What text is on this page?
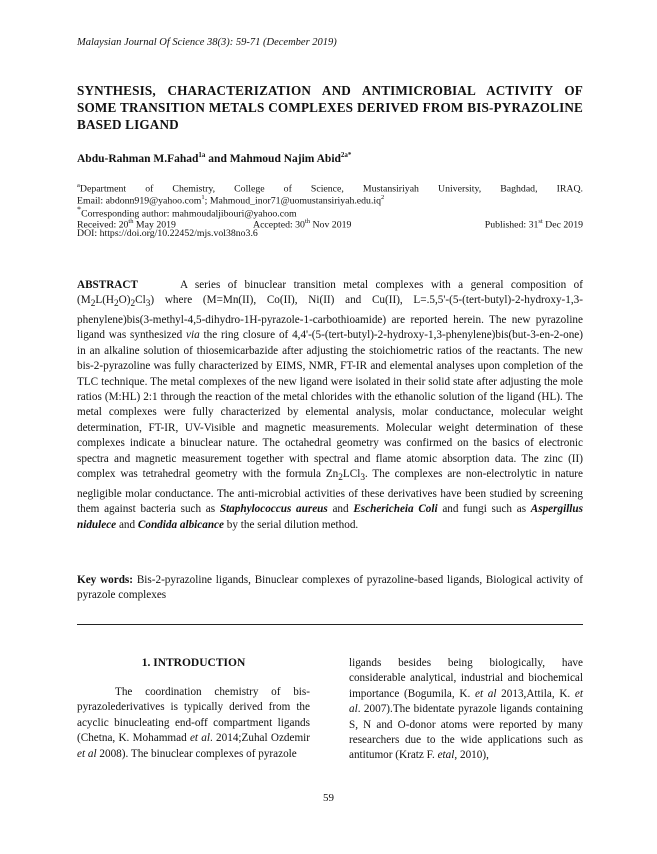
Malaysian Journal Of Science 38(3): 59-71 (December 2019)
SYNTHESIS, CHARACTERIZATION AND ANTIMICROBIAL ACTIVITY OF SOME TRANSITION METALS COMPLEXES DERIVED FROM BIS-PYRAZOLINE BASED LIGAND
Abdu-Rahman M.Fahad$^{1a}$ and Mahmoud Najim Abid$^{2a*}$
$^a$Department of Chemistry, College of Science, Mustansiriyah University, Baghdad, IRAQ.
Email: abdonn919@yahoo.com$^1$; $Mahmoud\_inor71@uomustansiriyah.edu.iq^2$
*Corresponding author: mahmoudaljibouri@yahoo.com
Received: 20th May 2019	Accepted: 30th Nov 2019	Published: 31st Dec 2019
DOI: https://doi.org/10.22452/mjs.vol38no3.6

ABSTRACT	A series of binuclear transition metal complexes with a general composition of $(M_2L(H_2O)_2Cl_3)$ where (M=Mn(II), Co(II), Ni(II) and Cu(II), L=.5,5'-(5-(tert-butyl)-2-hydroxy-1,3-phenylene)bis(3-methyl-4,5-dihydro-1H-pyrazole-1-carbothioamide) are reported herein. The new pyrazoline ligand was synthesized via the ring closure of 4,4'-(5-(tert-butyl)-2-hydroxy-1,3-phenylene)bis(but-3-en-2-one) in an alkaline solution of thiosemicarbazide after adjusting the stoichiometric ratios of the reactants. The new bis-2-pyrazoline was fully characterized by EIMS, NMR, FT-IR and elemental analyses upon completion of the TLC technique. The metal complexes of the new ligand were isolated in their solid state after adjusting the mole ratios (M:HL) 2:1 through the reaction of the metal chlorides with the ethanolic solution of the ligand (HL). The metal complexes were fully characterized by elemental analysis, molar conductance, molecular weight determination, FT-IR, UV-Visible and magnetic measurements. Molecular weight determination of these complexes indicate a binuclear nature. The octahedral geometry was confirmed on the basics of electronic spectra and magnetic measurement together with spectral and flame atomic absorption data. The zinc (II) complex was tetrahedral geometry with the formula $Zn_2LCl_3$. The complexes are non-electrolytic in nature negligible molar conductance. The anti-microbial activities of these derivatives have been studied by screening them against bacteria such as Staphylococcus aureus and Eschericheia Coli and fungi such as Aspergillus nidulece and Condida albicance by the serial dilution method.

Key words: Bis-2-pyrazoline ligands, Binuclear complexes of pyrazoline-based ligands, Biological activity of pyrazole complexes

1. INTRODUCTION

The coordination chemistry of bis-pyrazolederivatives is typically derived from the acyclic binucleating end-off compartment ligands (Chetna, K. Mohammad et al. 2014;Zuhal Ozdemir et al 2008). The binuclear complexes of pyrazole

ligands besides being biologically, have considerable analytical, industrial and biochemical importance (Bogumila, K. et al 2013,Attila, K. et al. 2007).The bidentate pyrazole ligands containing S, N and O-donor atoms were reported by many researchers due to the wide applications such as antitumor (Kratz F. etal, 2010),

59
